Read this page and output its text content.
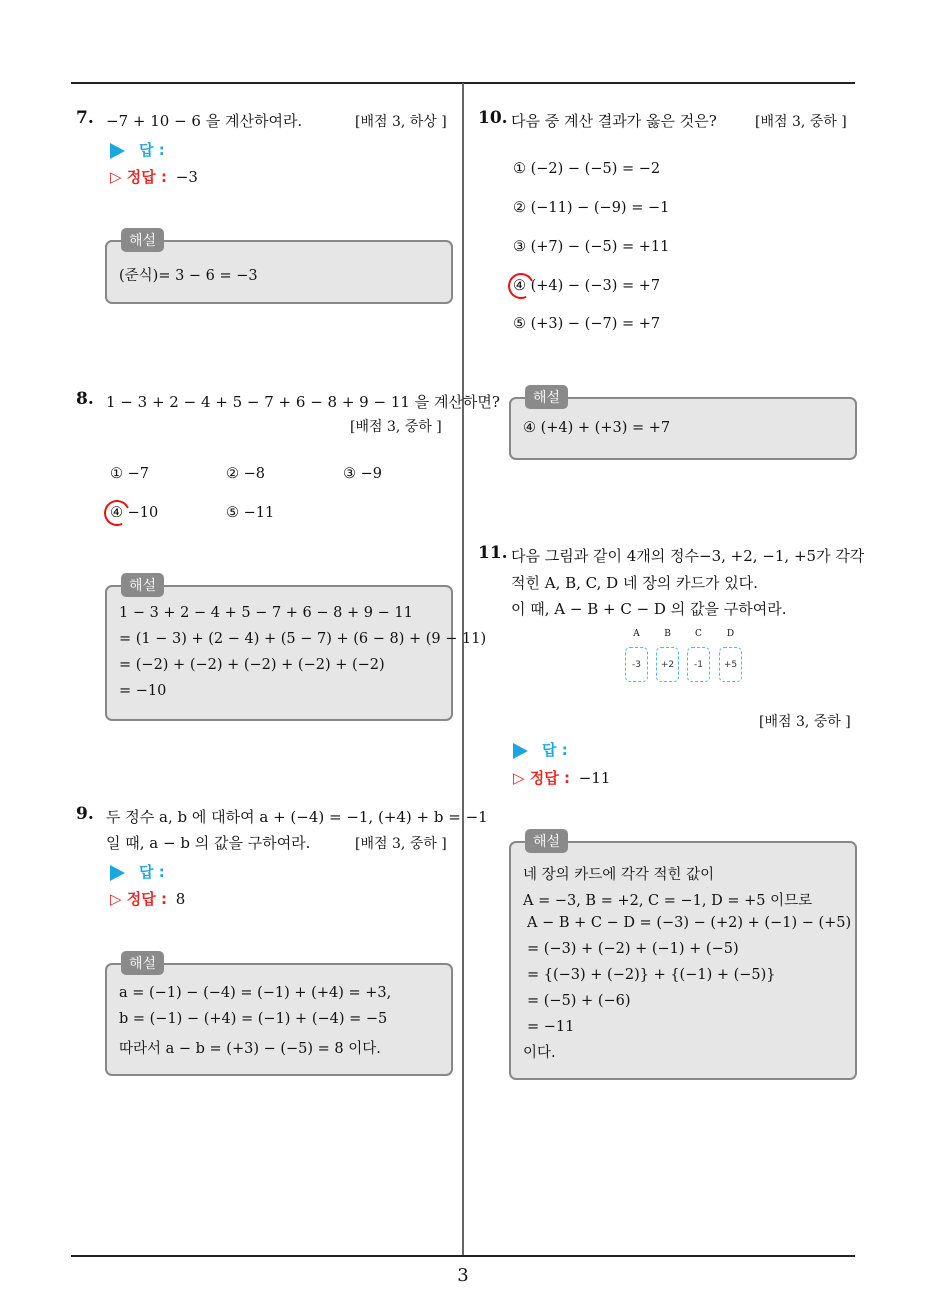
7. −7 + 10 − 6 을 계산하여라.	[배점 3, 하상 ]
답 :
▷ 정답 : −3
해설
(준식)= 3 − 6 = −3
8. 1 − 3 + 2 − 4 + 5 − 7 + 6 − 8 + 9 − 11 을 계산하면?
[배점 3, 중하 ]
① −7	② −8	③ −9
④ −10	⑤ −11
해설
1 − 3 + 2 − 4 + 5 − 7 + 6 − 8 + 9 − 11
= (1 − 3) + (2 − 4) + (5 − 7) + (6 − 8) + (9 − 11)
= (−2) + (−2) + (−2) + (−2) + (−2)
= −10
9. 두 정수 a, b 에 대하여 a + (−4) = −1, (+4) + b = −1
일 때, a − b 의 값을 구하여라.	[배점 3, 중하 ]
답 :
▷ 정답 : 8
해설
a = (−1) − (−4) = (−1) + (+4) = +3,
b = (−1) − (+4) = (−1) + (−4) = −5
따라서 a − b = (+3) − (−5) = 8 이다.
10. 다음 중 계산 결과가 옳은 것은?	[배점 3, 중하 ]
① (−2) − (−5) = −2
② (−11) − (−9) = −1
③ (+7) − (−5) = +11
④ (+4) − (−3) = +7
⑤ (+3) − (−7) = +7
해설
④ (+4) + (+3) = +7
11. 다음 그림과 같이 4개의 정수−3, +2, −1, +5가 각각
적힌 A, B, C, D 네 장의 카드가 있다.
이 때, A − B + C − D 의 값을 구하여라.
A	B	C	D
-3	+2	-1	+5
[배점 3, 중하 ]
답 :
▷ 정답 : −11
해설
네 장의 카드에 각각 적힌 값이
A = −3, B = +2, C = −1, D = +5 이므로
A − B + C − D = (−3) − (+2) + (−1) − (+5)
= (−3) + (−2) + (−1) + (−5)
= {(−3) + (−2)} + {(−1) + (−5)}
= (−5) + (−6)
= −11
이다.
3
